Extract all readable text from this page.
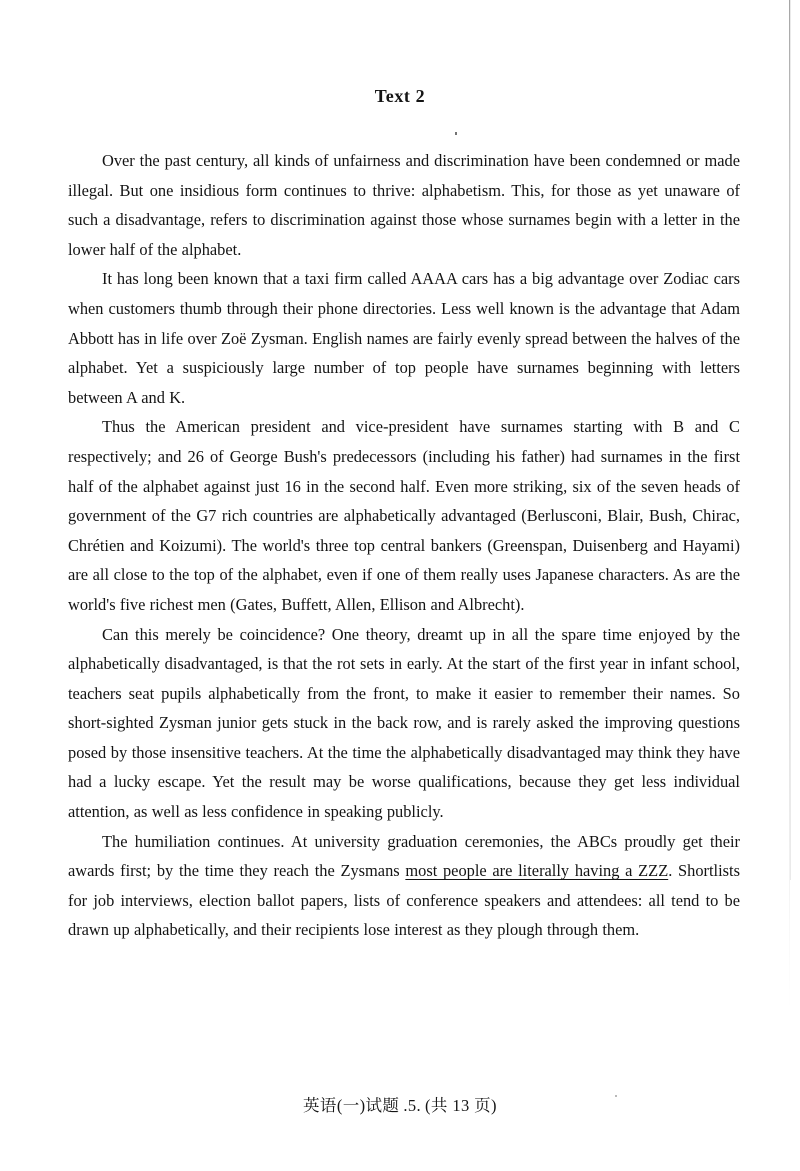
Text 2

Over the past century, all kinds of unfairness and discrimination have been condemned or made illegal. But one insidious form continues to thrive: alphabetism. This, for those as yet unaware of such a disadvantage, refers to discrimination against those whose surnames begin with a letter in the lower half of the alphabet.

It has long been known that a taxi firm called AAAA cars has a big advantage over Zodiac cars when customers thumb through their phone directories. Less well known is the advantage that Adam Abbott has in life over Zoë Zysman. English names are fairly evenly spread between the halves of the alphabet. Yet a suspiciously large number of top people have surnames beginning with letters between A and K.

Thus the American president and vice-president have surnames starting with B and C respectively; and 26 of George Bush's predecessors (including his father) had surnames in the first half of the alphabet against just 16 in the second half. Even more striking, six of the seven heads of government of the G7 rich countries are alphabetically advantaged (Berlusconi, Blair, Bush, Chirac, Chrétien and Koizumi). The world's three top central bankers (Greenspan, Duisenberg and Hayami) are all close to the top of the alphabet, even if one of them really uses Japanese characters. As are the world's five richest men (Gates, Buffett, Allen, Ellison and Albrecht).

Can this merely be coincidence? One theory, dreamt up in all the spare time enjoyed by the alphabetically disadvantaged, is that the rot sets in early. At the start of the first year in infant school, teachers seat pupils alphabetically from the front, to make it easier to remember their names. So short-sighted Zysman junior gets stuck in the back row, and is rarely asked the improving questions posed by those insensitive teachers. At the time the alphabetically disadvantaged may think they have had a lucky escape. Yet the result may be worse qualifications, because they get less individual attention, as well as less confidence in speaking publicly.

The humiliation continues. At university graduation ceremonies, the ABCs proudly get their awards first; by the time they reach the Zysmans most people are literally having a ZZZ. Shortlists for job interviews, election ballot papers, lists of conference speakers and attendees: all tend to be drawn up alphabetically, and their recipients lose interest as they plough through them.

英语(一)试题 .5. (共 13 页)
